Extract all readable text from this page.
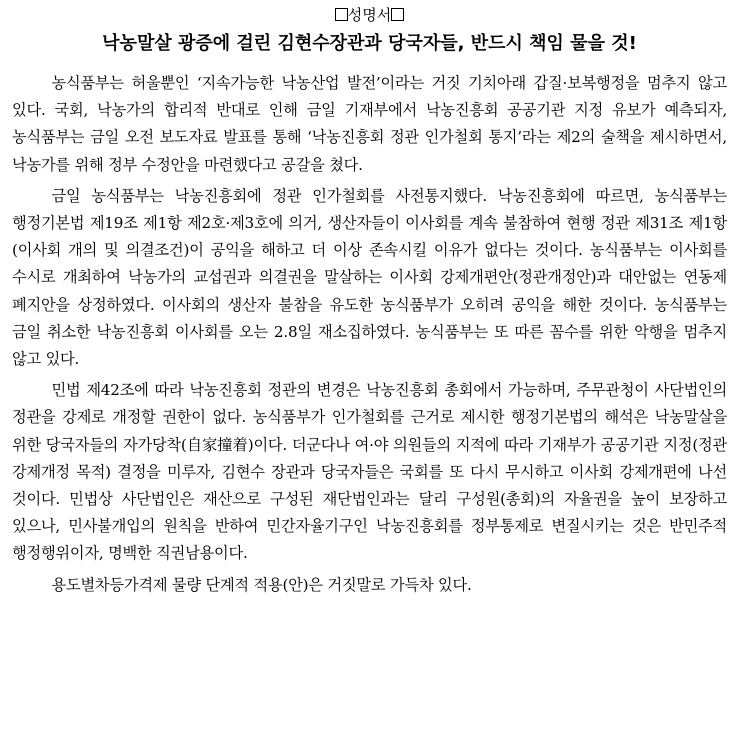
성명서

낙농말살 광증에 걸린 김현수장관과 당국자들, 반드시 책임 물을 것!

농식품부는 허울뿐인 ‘지속가능한 낙농산업 발전’이라는 거짓 기치아래 갑질·보복행정을 멈추지 않고 있다. 국회, 낙농가의 합리적 반대로 인해 금일 기재부에서 낙농진흥회 공공기관 지정 유보가 예측되자, 농식품부는 금일 오전 보도자료 발표를 통해 ‘낙농진흥회 정관 인가철회 통지’라는 제2의 술책을 제시하면서, 낙농가를 위해 정부 수정안을 마련했다고 공갈을 쳤다.

금일 농식품부는 낙농진흥회에 정관 인가철회를 사전통지했다. 낙농진흥회에 따르면, 농식품부는 행정기본법 제19조 제1항 제2호·제3호에 의거, 생산자들이 이사회를 계속 불참하여 현행 정관 제31조 제1항(이사회 개의 및 의결조건)이 공익을 해하고 더 이상 존속시킬 이유가 없다는 것이다. 농식품부는 이사회를 수시로 개최하여 낙농가의 교섭권과 의결권을 말살하는 이사회 강제개편안(정관개정안)과 대안없는 연동제 폐지안을 상정하였다. 이사회의 생산자 불참을 유도한 농식품부가 오히려 공익을 해한 것이다. 농식품부는 금일 취소한 낙농진흥회 이사회를 오는 2.8일 재소집하였다. 농식품부는 또 따른 꼼수를 위한 악행을 멈추지 않고 있다.

민법 제42조에 따라 낙농진흥회 정관의 변경은 낙농진흥회 총회에서 가능하며, 주무관청이 사단법인의 정관을 강제로 개정할 권한이 없다. 농식품부가 인가철회를 근거로 제시한 행정기본법의 해석은 낙농말살을 위한 당국자들의 자가당착(自家撞着)이다. 더군다나 여·야 의원들의 지적에 따라 기재부가 공공기관 지정(정관 강제개정 목적) 결정을 미루자, 김현수 장관과 당국자들은 국회를 또 다시 무시하고 이사회 강제개편에 나선 것이다. 민법상 사단법인은 재산으로 구성된 재단법인과는 달리 구성원(총회)의 자율권을 높이 보장하고 있으나, 민사불개입의 원칙을 반하여 민간자율기구인 낙농진흥회를 정부통제로 변질시키는 것은 반민주적 행정행위이자, 명백한 직권남용이다.

용도별차등가격제 물량 단계적 적용(안)은 거짓말로 가득차 있다.
